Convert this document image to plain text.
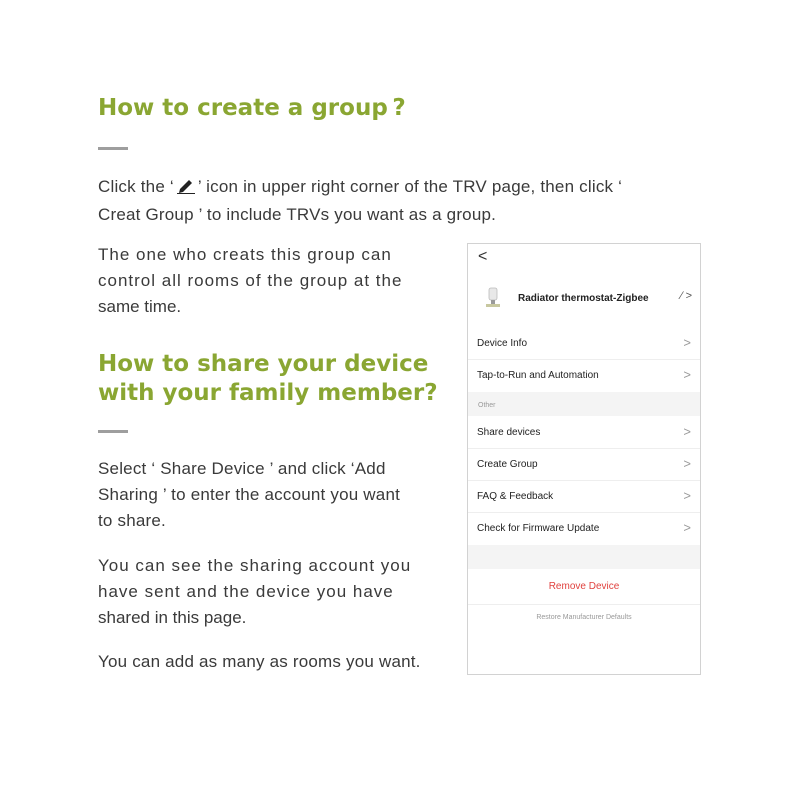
How to create a group ?

Click the ‘ ’ icon in upper right corner of the TRV page, then click ‘
Creat Group ’ to include TRVs you want as a group.

The one who creats this group can
control all rooms of the group at the
same time.

How to share your device
with your family member?

Select ‘ Share Device ’ and click ‘Add
Sharing ’ to enter the account you want
to share.

You can see the sharing account you
have sent and the device you have
shared in this page.

You can add as many as rooms you want.

<
Radiator thermostat-Zigbee	∕ >
Device Info	>
Tap-to-Run and Automation	>
Other
Share devices	>
Create Group	>
FAQ & Feedback	>
Check for Firmware Update	>
Remove Device
Restore Manufacturer Defaults
